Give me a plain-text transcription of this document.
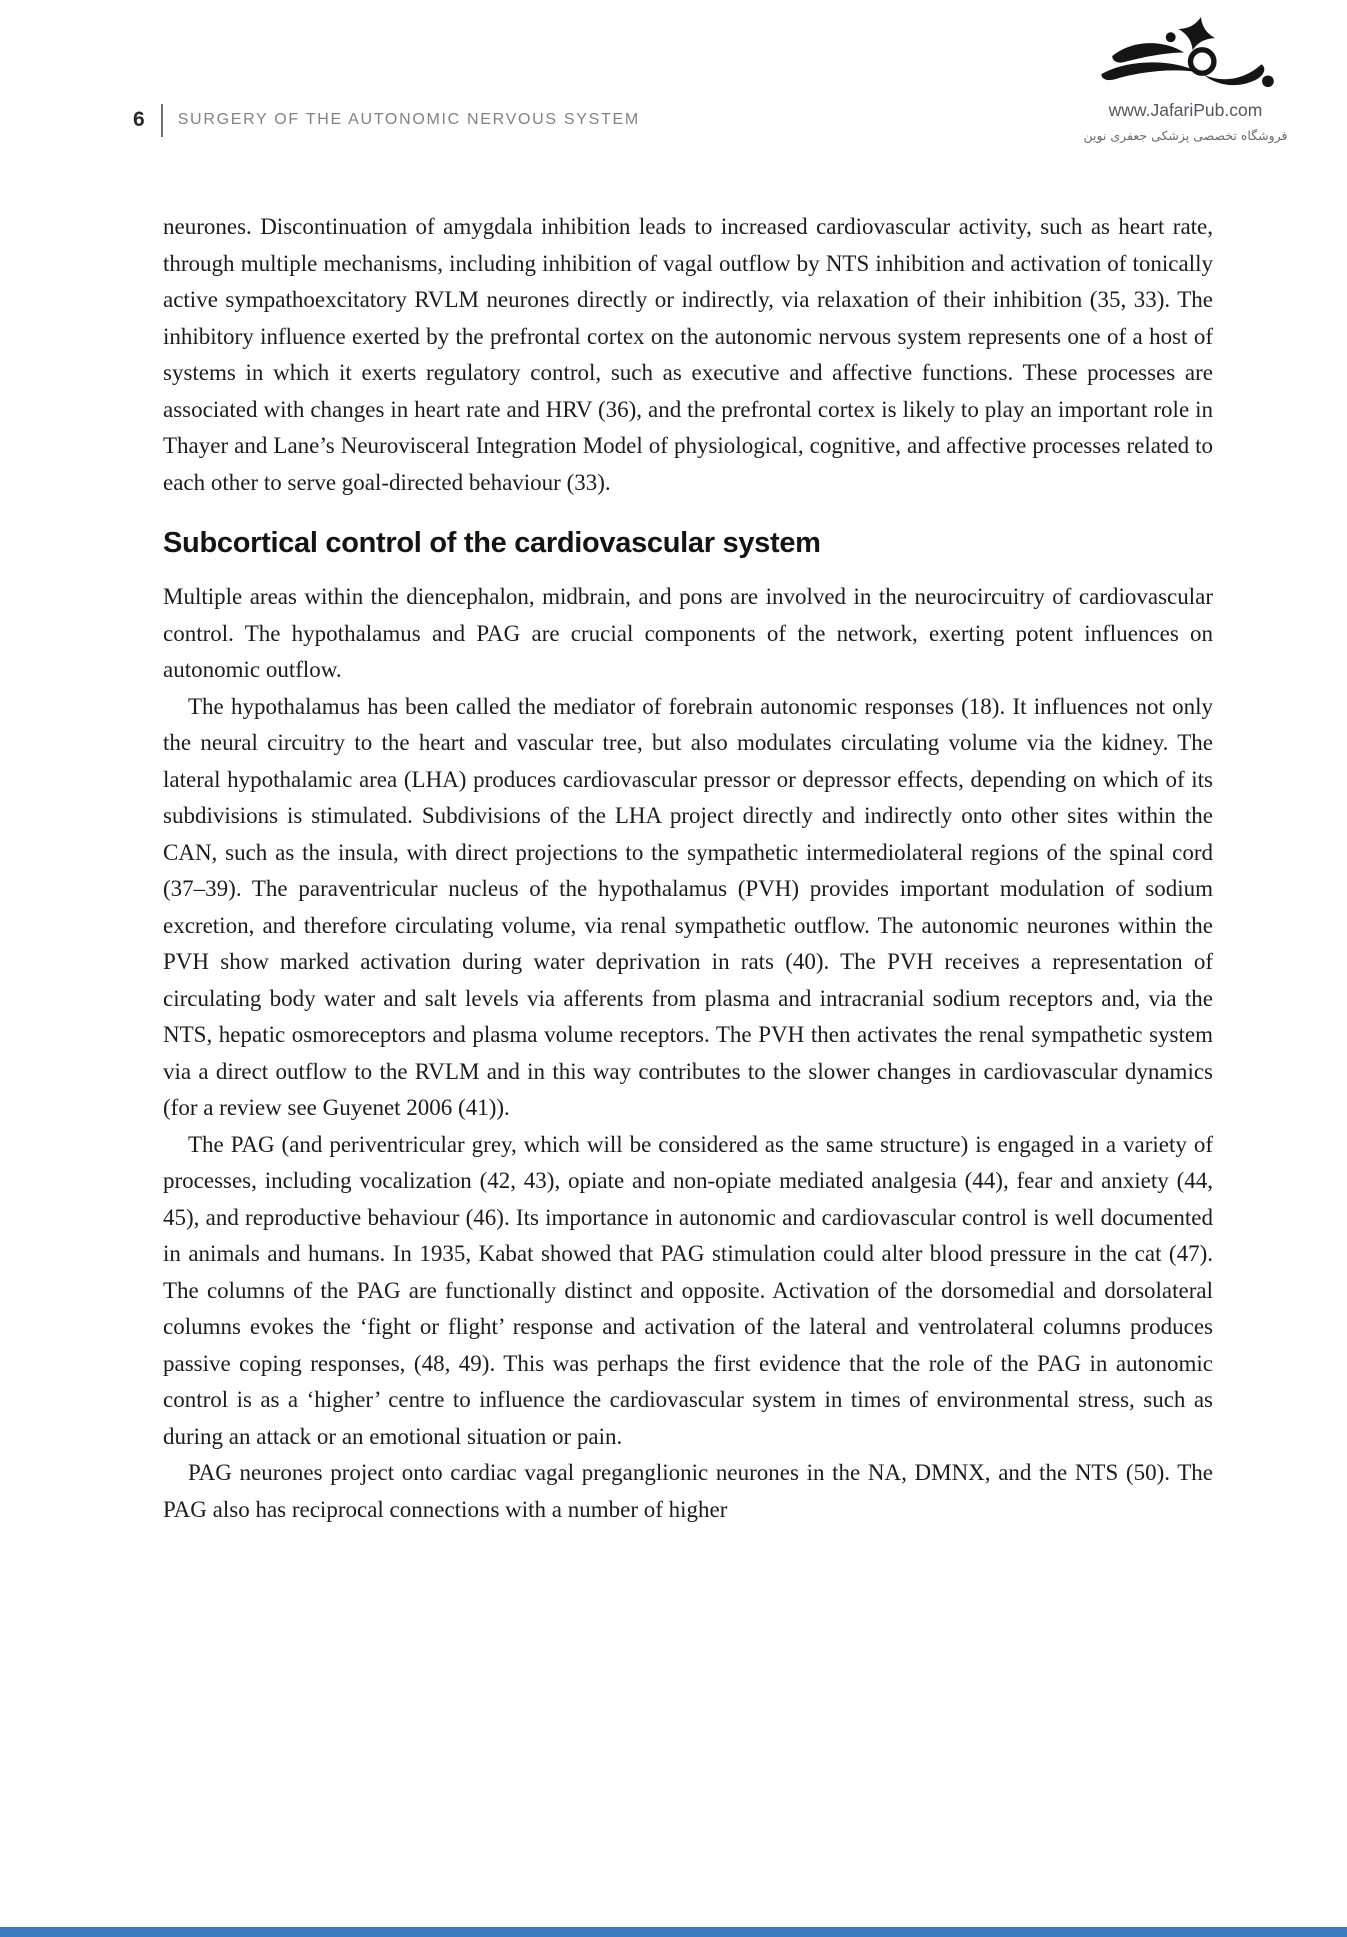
6 SURGERY OF THE AUTONOMIC NERVOUS SYSTEM	www.JafariPub.com
فروشگاه تخصصی پزشکی جعفری نوین

neurones. Discontinuation of amygdala inhibition leads to increased cardiovascular activity, such as heart rate, through multiple mechanisms, including inhibition of vagal outflow by NTS inhibition and activation of tonically active sympathoexcitatory RVLM neurones directly or indirectly, via relaxation of their inhibition (35, 33). The inhibitory influence exerted by the prefrontal cortex on the autonomic nervous system represents one of a host of systems in which it exerts regulatory control, such as executive and affective functions. These processes are associated with changes in heart rate and HRV (36), and the prefrontal cortex is likely to play an important role in Thayer and Lane’s Neurovisceral Integration Model of physiological, cognitive, and affective processes related to each other to serve goal-directed behaviour (33).

Subcortical control of the cardiovascular system

Multiple areas within the diencephalon, midbrain, and pons are involved in the neurocircuitry of cardiovascular control. The hypothalamus and PAG are crucial components of the network, exerting potent influences on autonomic outflow.

The hypothalamus has been called the mediator of forebrain autonomic responses (18). It influences not only the neural circuitry to the heart and vascular tree, but also modulates circulating volume via the kidney. The lateral hypothalamic area (LHA) produces cardiovascular pressor or depressor effects, depending on which of its subdivisions is stimulated. Subdivisions of the LHA project directly and indirectly onto other sites within the CAN, such as the insula, with direct projections to the sympathetic intermediolateral regions of the spinal cord (37–39). The paraventricular nucleus of the hypothalamus (PVH) provides important modulation of sodium excretion, and therefore circulating volume, via renal sympathetic outflow. The autonomic neurones within the PVH show marked activation during water deprivation in rats (40). The PVH receives a representation of circulating body water and salt levels via afferents from plasma and intracranial sodium receptors and, via the NTS, hepatic osmoreceptors and plasma volume receptors. The PVH then activates the renal sympathetic system via a direct outflow to the RVLM and in this way contributes to the slower changes in cardiovascular dynamics (for a review see Guyenet 2006 (41)).

The PAG (and periventricular grey, which will be considered as the same structure) is engaged in a variety of processes, including vocalization (42, 43), opiate and non-opiate mediated analgesia (44), fear and anxiety (44, 45), and reproductive behaviour (46). Its importance in autonomic and cardiovascular control is well documented in animals and humans. In 1935, Kabat showed that PAG stimulation could alter blood pressure in the cat (47). The columns of the PAG are functionally distinct and opposite. Activation of the dorsomedial and dorsolateral columns evokes the ‘fight or flight’ response and activation of the lateral and ventrolateral columns produces passive coping responses, (48, 49). This was perhaps the first evidence that the role of the PAG in autonomic control is as a ‘higher’ centre to influence the cardiovascular system in times of environmental stress, such as during an attack or an emotional situation or pain.

PAG neurones project onto cardiac vagal preganglionic neurones in the NA, DMNX, and the NTS (50). The PAG also has reciprocal connections with a number of higher
